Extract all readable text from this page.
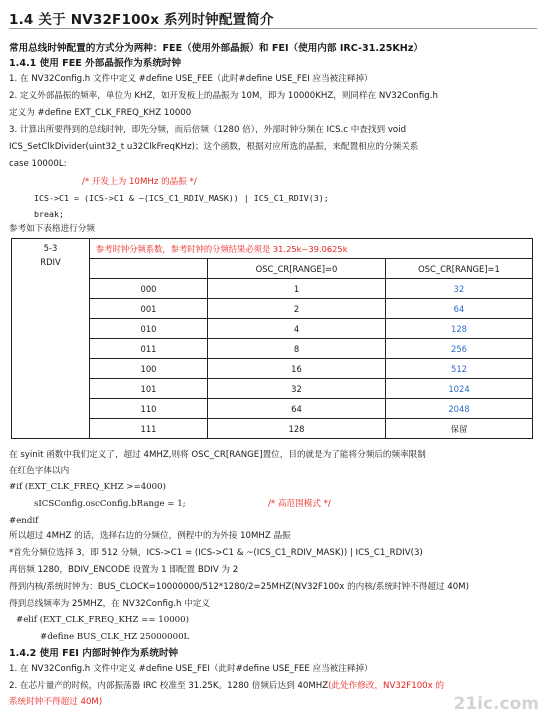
1.4 关于 NV32F100x 系列时钟配置简介
常用总线时钟配置的方式分为两种：FEE（使用外部晶振）和 FEI（使用内部 IRC-31.25KHz）
1.4.1 使用 FEE 外部晶振作为系统时钟
1. 在 NV32Config.h 文件中定义 #define USE_FEE（此时#define USE_FEI 应当被注释掉）
2. 定义外部晶振的频率，单位为 KHZ，如开发板上的晶振为 10M，即为 10000KHZ，则同样在 NV32Config.h
定义为 #define EXT_CLK_FREQ_KHZ 10000
3. 计算出所要得到的总线时钟，即先分频，而后倍频（1280 倍），外部时钟分频在 ICS.c 中查找到 void
ICS_SetClkDivider(uint32_t u32ClkFreqKHz)；这个函数，根据对应所选的晶振，来配置相应的分频关系
case 10000L:
/* 开发上为 10MHz 的晶振 */
ICS->C1 = (ICS->C1 & ~(ICS_C1_RDIV_MASK)) | ICS_C1_RDIV(3);
break;
参考如下表格进行分频
5-3
RDIV	参考时钟分频系数，参考时钟的分频结果必须是 31.25k~39.0625k		
		OSC_CR[RANGE]=0	OSC_CR[RANGE]=1
	000	1	32
	001	2	64
	010	4	128
	011	8	256
	100	16	512
	101	32	1024
	110	64	2048
	111	128	保留
在 syinit 函数中我们定义了，超过 4MHZ,则将 OSC_CR[RANGE]置位，目的就是为了能将分频后的频率限制
在红色字体以内
#if (EXT_CLK_FREQ_KHZ >=4000)
sICSConfig.oscConfig.bRange = 1;	/* 高范围模式 */
#endif
所以超过 4MHZ 的话，选择右边的分频位，例程中的为外接 10MHZ 晶振
*首先分频位选择 3，即 512 分频，ICS->C1 = (ICS->C1 & ~(ICS_C1_RDIV_MASK)) | ICS_C1_RDIV(3)
再倍频 1280，BDIV_ENCODE 设置为 1 即配置 BDIV 为 2
得到内核/系统时钟为：BUS_CLOCK=10000000/512*1280/2=25MHZ(NV32F100x 的内核/系统时钟不得超过 40M)
得到总线频率为 25MHZ，在 NV32Config.h 中定义
#elif (EXT_CLK_FREQ_KHZ == 10000)
#define BUS_CLK_HZ 25000000L
1.4.2 使用 FEI 内部时钟作为系统时钟
1. 在 NV32Config.h 文件中定义 #define USE_FEI（此时#define USE_FEE 应当被注释掉）
2. 在芯片量产的时候，内部振荡器 IRC 校准至 31.25K。1280 倍频后达到 40MHZ(此处作修改，NV32F100x 的
系统时钟不得超过 40M)	21ic.com
